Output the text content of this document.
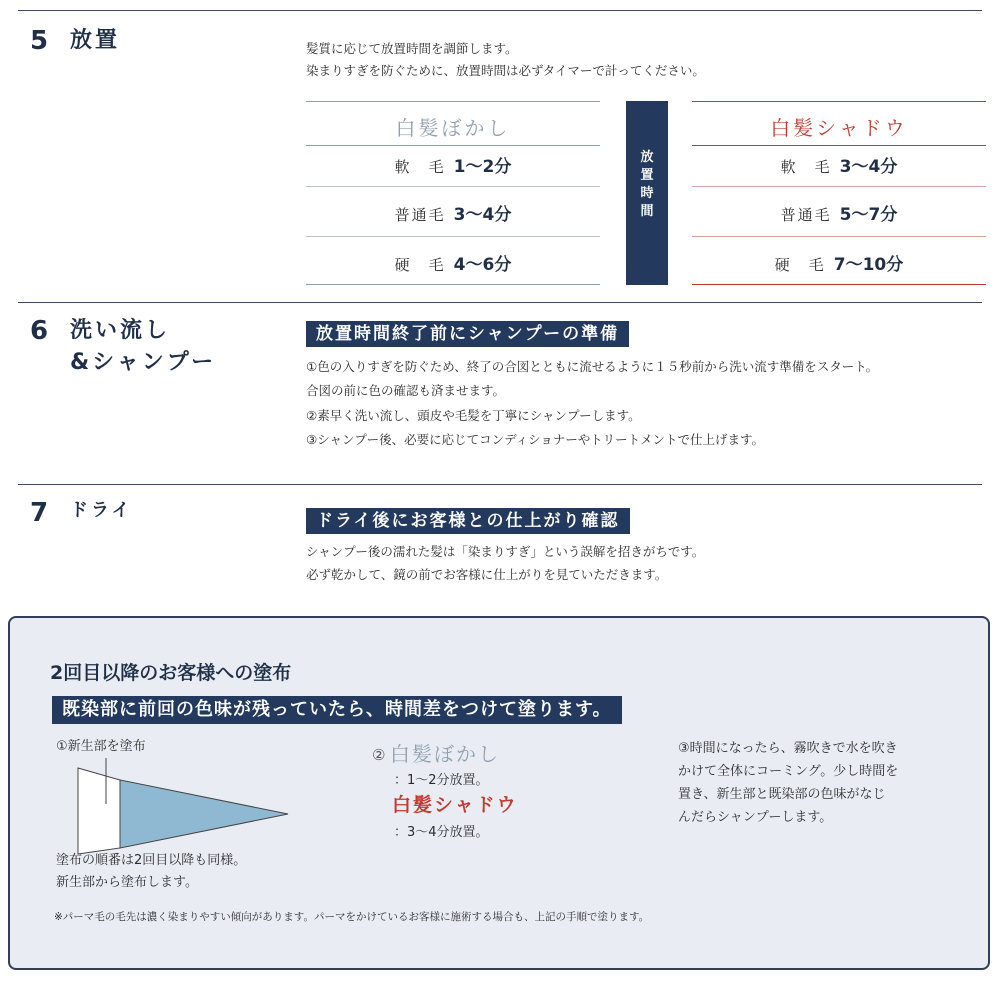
5 放置	髪質に応じて放置時間を調節します。
染まりすぎを防ぐために、放置時間は必ずタイマーで計ってください。
白髪ぼかし
軟　毛 1〜2分
普通毛 3〜4分
硬　毛 4〜6分
放
置
時
間
白髪シャドウ
軟　毛 3〜4分
普通毛 5〜7分
硬　毛 7〜10分
6 洗い流し
&シャンプー
放置時間終了前にシャンプーの準備
①色の入りすぎを防ぐため、終了の合図とともに流せるように１５秒前から洗い流す準備をスタート。
合図の前に色の確認も済ませます。
②素早く洗い流し、頭皮や毛髪を丁寧にシャンプーします。
③シャンプー後、必要に応じてコンディショナーやトリートメントで仕上げます。
7 ドライ	ドライ後にお客様との仕上がり確認
シャンプー後の濡れた髪は「染まりすぎ」という誤解を招きがちです。
必ず乾かして、鏡の前でお客様に仕上がりを見ていただきます。
2回目以降のお客様への塗布
既染部に前回の色味が残っていたら、時間差をつけて塗ります。
①新生部を塗布
塗布の順番は2回目以降も同様。
新生部から塗布します。
② 白髪ぼかし
：1〜2分放置。
白髪シャドウ
：3〜4分放置。
③時間になったら、霧吹きで水を吹き
かけて全体にコーミング。少し時間を
置き、新生部と既染部の色味がなじ
んだらシャンプーします。
※パーマ毛の毛先は濃く染まりやすい傾向があります。パーマをかけているお客様に施術する場合も、上記の手順で塗ります。
